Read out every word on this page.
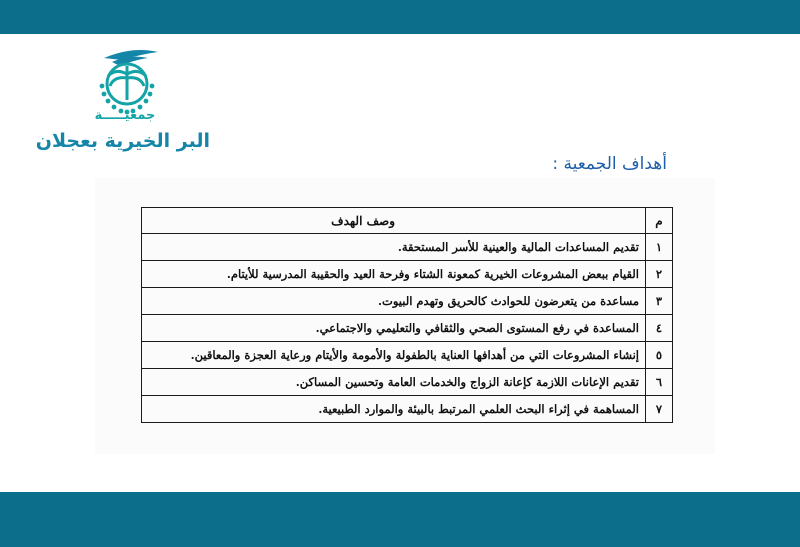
جمعيـــــة
البر الخيرية بعجلان
أهداف الجمعية :
م	وصف الهدف
١	تقديم المساعدات المالية والعينية للأسر المستحقة.
٢	القيام ببعض المشروعات الخيرية كمعونة الشتاء وفرحة العيد والحقيبة المدرسية للأيتام.
٣	مساعدة من يتعرضون للحوادث كالحريق وتهدم البيوت.
٤	المساعدة في رفع المستوى الصحي والثقافي والتعليمي والاجتماعي.
٥	إنشاء المشروعات التي من أهدافها العناية بالطفولة والأمومة والأيتام ورعاية العجزة والمعاقين.
٦	تقديم الإعانات اللازمة كإعانة الزواج والخدمات العامة وتحسين المساكن.
٧	المساهمة في إثراء البحث العلمي المرتبط بالبيئة والموارد الطبيعية.
